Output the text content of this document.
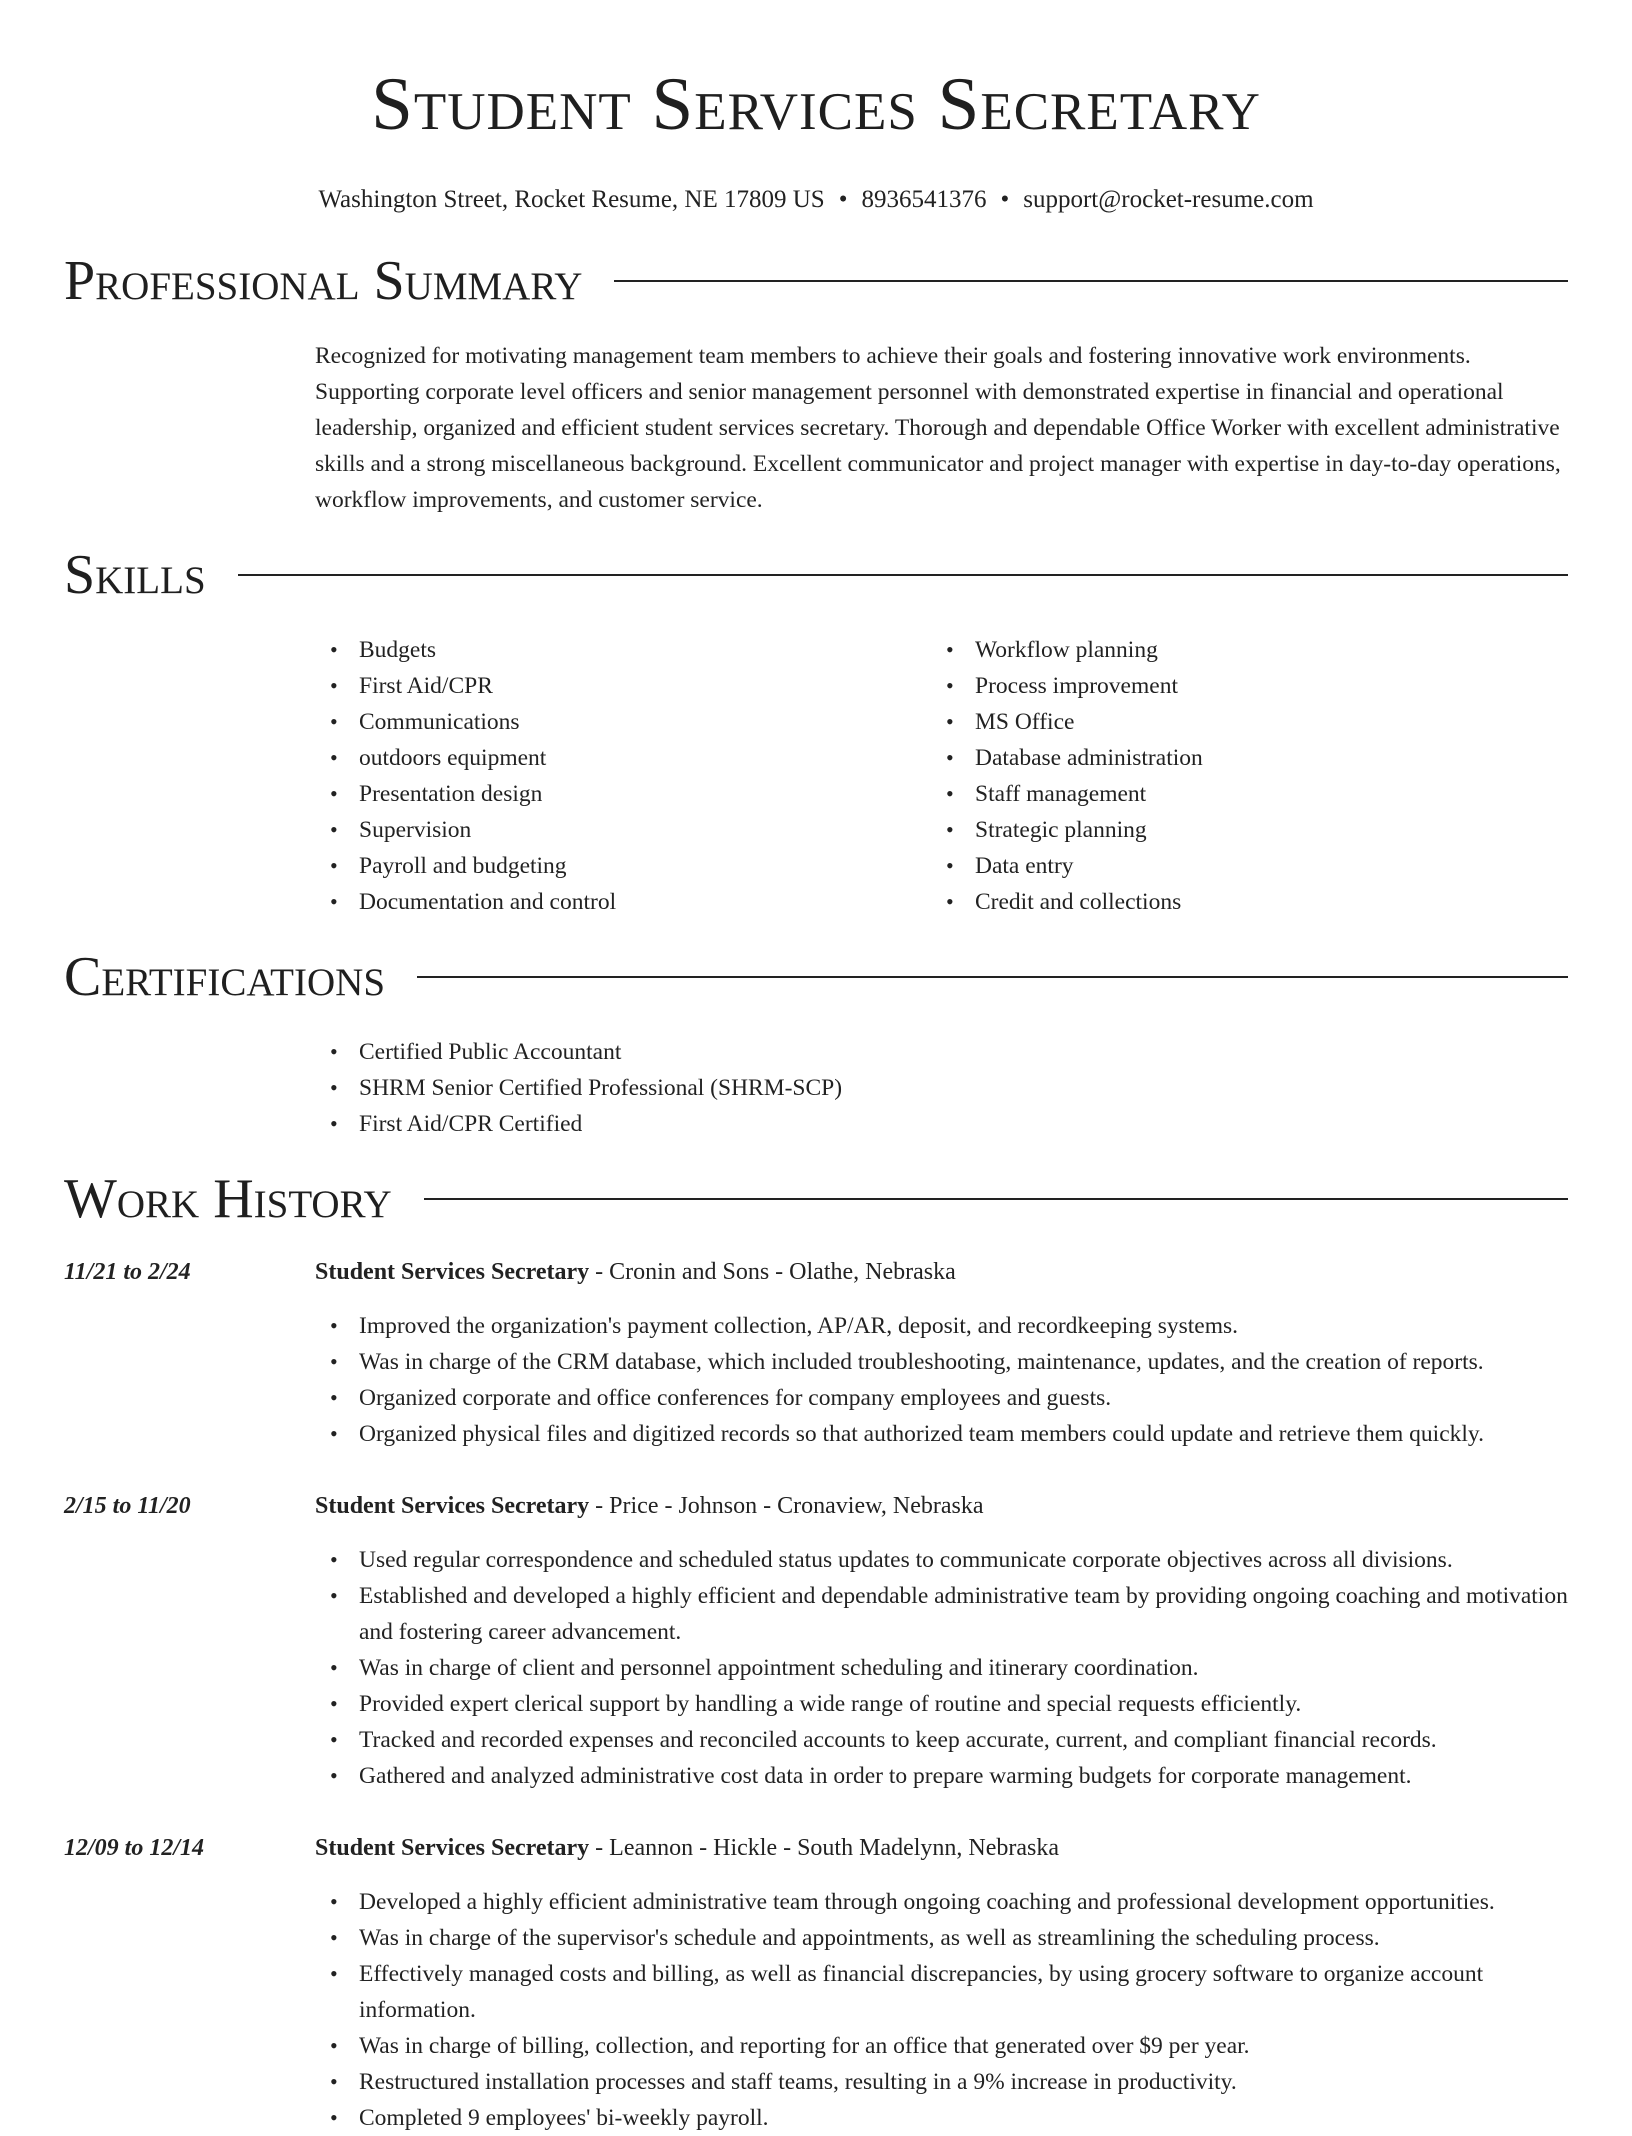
Student Services Secretary
Washington Street, Rocket Resume, NE 17809 US • 8936541376 • support@rocket-resume.com
Professional Summary
Recognized for motivating management team members to achieve their goals and fostering innovative work environments. Supporting corporate level officers and senior management personnel with demonstrated expertise in financial and operational leadership, organized and efficient student services secretary. Thorough and dependable Office Worker with excellent administrative skills and a strong miscellaneous background. Excellent communicator and project manager with expertise in day-to-day operations, workflow improvements, and customer service.
Skills
• Budgets
• First Aid/CPR
• Communications
• outdoors equipment
• Presentation design
• Supervision
• Payroll and budgeting
• Documentation and control
• Workflow planning
• Process improvement
• MS Office
• Database administration
• Staff management
• Strategic planning
• Data entry
• Credit and collections
Certifications
• Certified Public Accountant
• SHRM Senior Certified Professional (SHRM-SCP)
• First Aid/CPR Certified
Work History
11/21 to 2/24	Student Services Secretary - Cronin and Sons - Olathe, Nebraska
• Improved the organization's payment collection, AP/AR, deposit, and recordkeeping systems.
• Was in charge of the CRM database, which included troubleshooting, maintenance, updates, and the creation of reports.
• Organized corporate and office conferences for company employees and guests.
• Organized physical files and digitized records so that authorized team members could update and retrieve them quickly.
2/15 to 11/20	Student Services Secretary - Price - Johnson - Cronaview, Nebraska
• Used regular correspondence and scheduled status updates to communicate corporate objectives across all divisions.
• Established and developed a highly efficient and dependable administrative team by providing ongoing coaching and motivation and fostering career advancement.
• Was in charge of client and personnel appointment scheduling and itinerary coordination.
• Provided expert clerical support by handling a wide range of routine and special requests efficiently.
• Tracked and recorded expenses and reconciled accounts to keep accurate, current, and compliant financial records.
• Gathered and analyzed administrative cost data in order to prepare warming budgets for corporate management.
12/09 to 12/14	Student Services Secretary - Leannon - Hickle - South Madelynn, Nebraska
• Developed a highly efficient administrative team through ongoing coaching and professional development opportunities.
• Was in charge of the supervisor's schedule and appointments, as well as streamlining the scheduling process.
• Effectively managed costs and billing, as well as financial discrepancies, by using grocery software to organize account information.
• Was in charge of billing, collection, and reporting for an office that generated over $9 per year.
• Restructured installation processes and staff teams, resulting in a 9% increase in productivity.
• Completed 9 employees' bi-weekly payroll.
